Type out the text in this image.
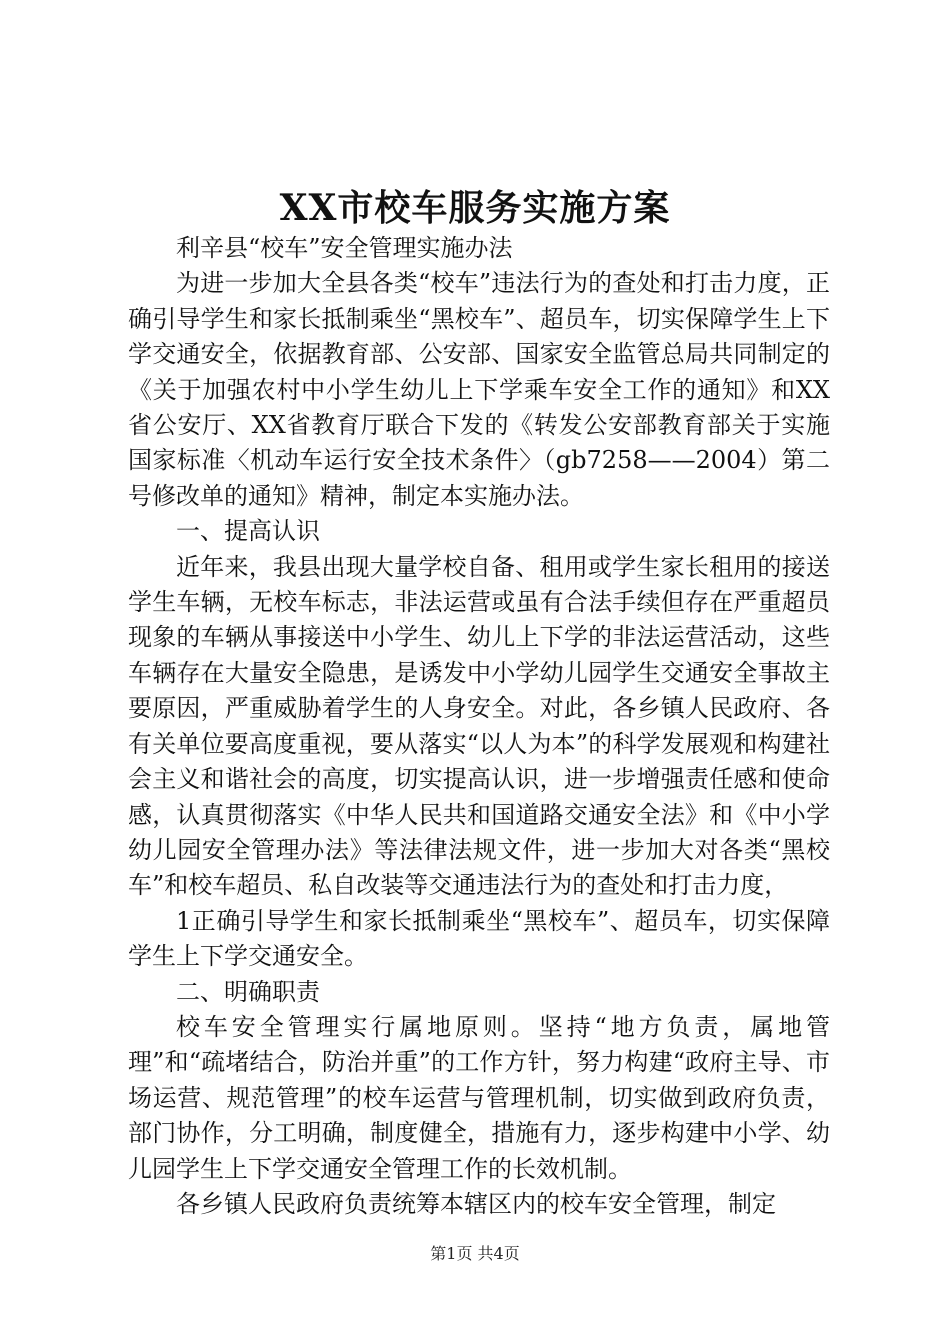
XX市校车服务实施方案

利辛县“校车”安全管理实施办法

为进一步加大全县各类“校车”违法行为的查处和打击力度，正确引导学生和家长抵制乘坐“黑校车”、超员车，切实保障学生上下学交通安全，依据教育部、公安部、国家安全监管总局共同制定的《关于加强农村中小学生幼儿上下学乘车安全工作的通知》和XX省公安厅、XX省教育厅联合下发的《转发公安部教育部关于实施国家标准〈机动车运行安全技术条件〉（gb7258——2004）第二号修改单的通知》精神，制定本实施办法。

一、提高认识

近年来，我县出现大量学校自备、租用或学生家长租用的接送学生车辆，无校车标志，非法运营或虽有合法手续但存在严重超员现象的车辆从事接送中小学生、幼儿上下学的非法运营活动，这些车辆存在大量安全隐患，是诱发中小学幼儿园学生交通安全事故主要原因，严重威胁着学生的人身安全。对此，各乡镇人民政府、各有关单位要高度重视，要从落实“以人为本”的科学发展观和构建社会主义和谐社会的高度，切实提高认识，进一步增强责任感和使命感，认真贯彻落实《中华人民共和国道路交通安全法》和《中小学幼儿园安全管理办法》等法律法规文件，进一步加大对各类“黑校车”和校车超员、私自改装等交通违法行为的查处和打击力度，

1正确引导学生和家长抵制乘坐“黑校车”、超员车，切实保障学生上下学交通安全。

二、明确职责

校车安全管理实行属地原则。坚持“地方负责，属地管理”和“疏堵结合，防治并重”的工作方针，努力构建“政府主导、市场运营、规范管理”的校车运营与管理机制，切实做到政府负责，部门协作，分工明确，制度健全，措施有力，逐步构建中小学、幼儿园学生上下学交通安全管理工作的长效机制。

各乡镇人民政府负责统筹本辖区内的校车安全管理，制定

第1页 共4页
